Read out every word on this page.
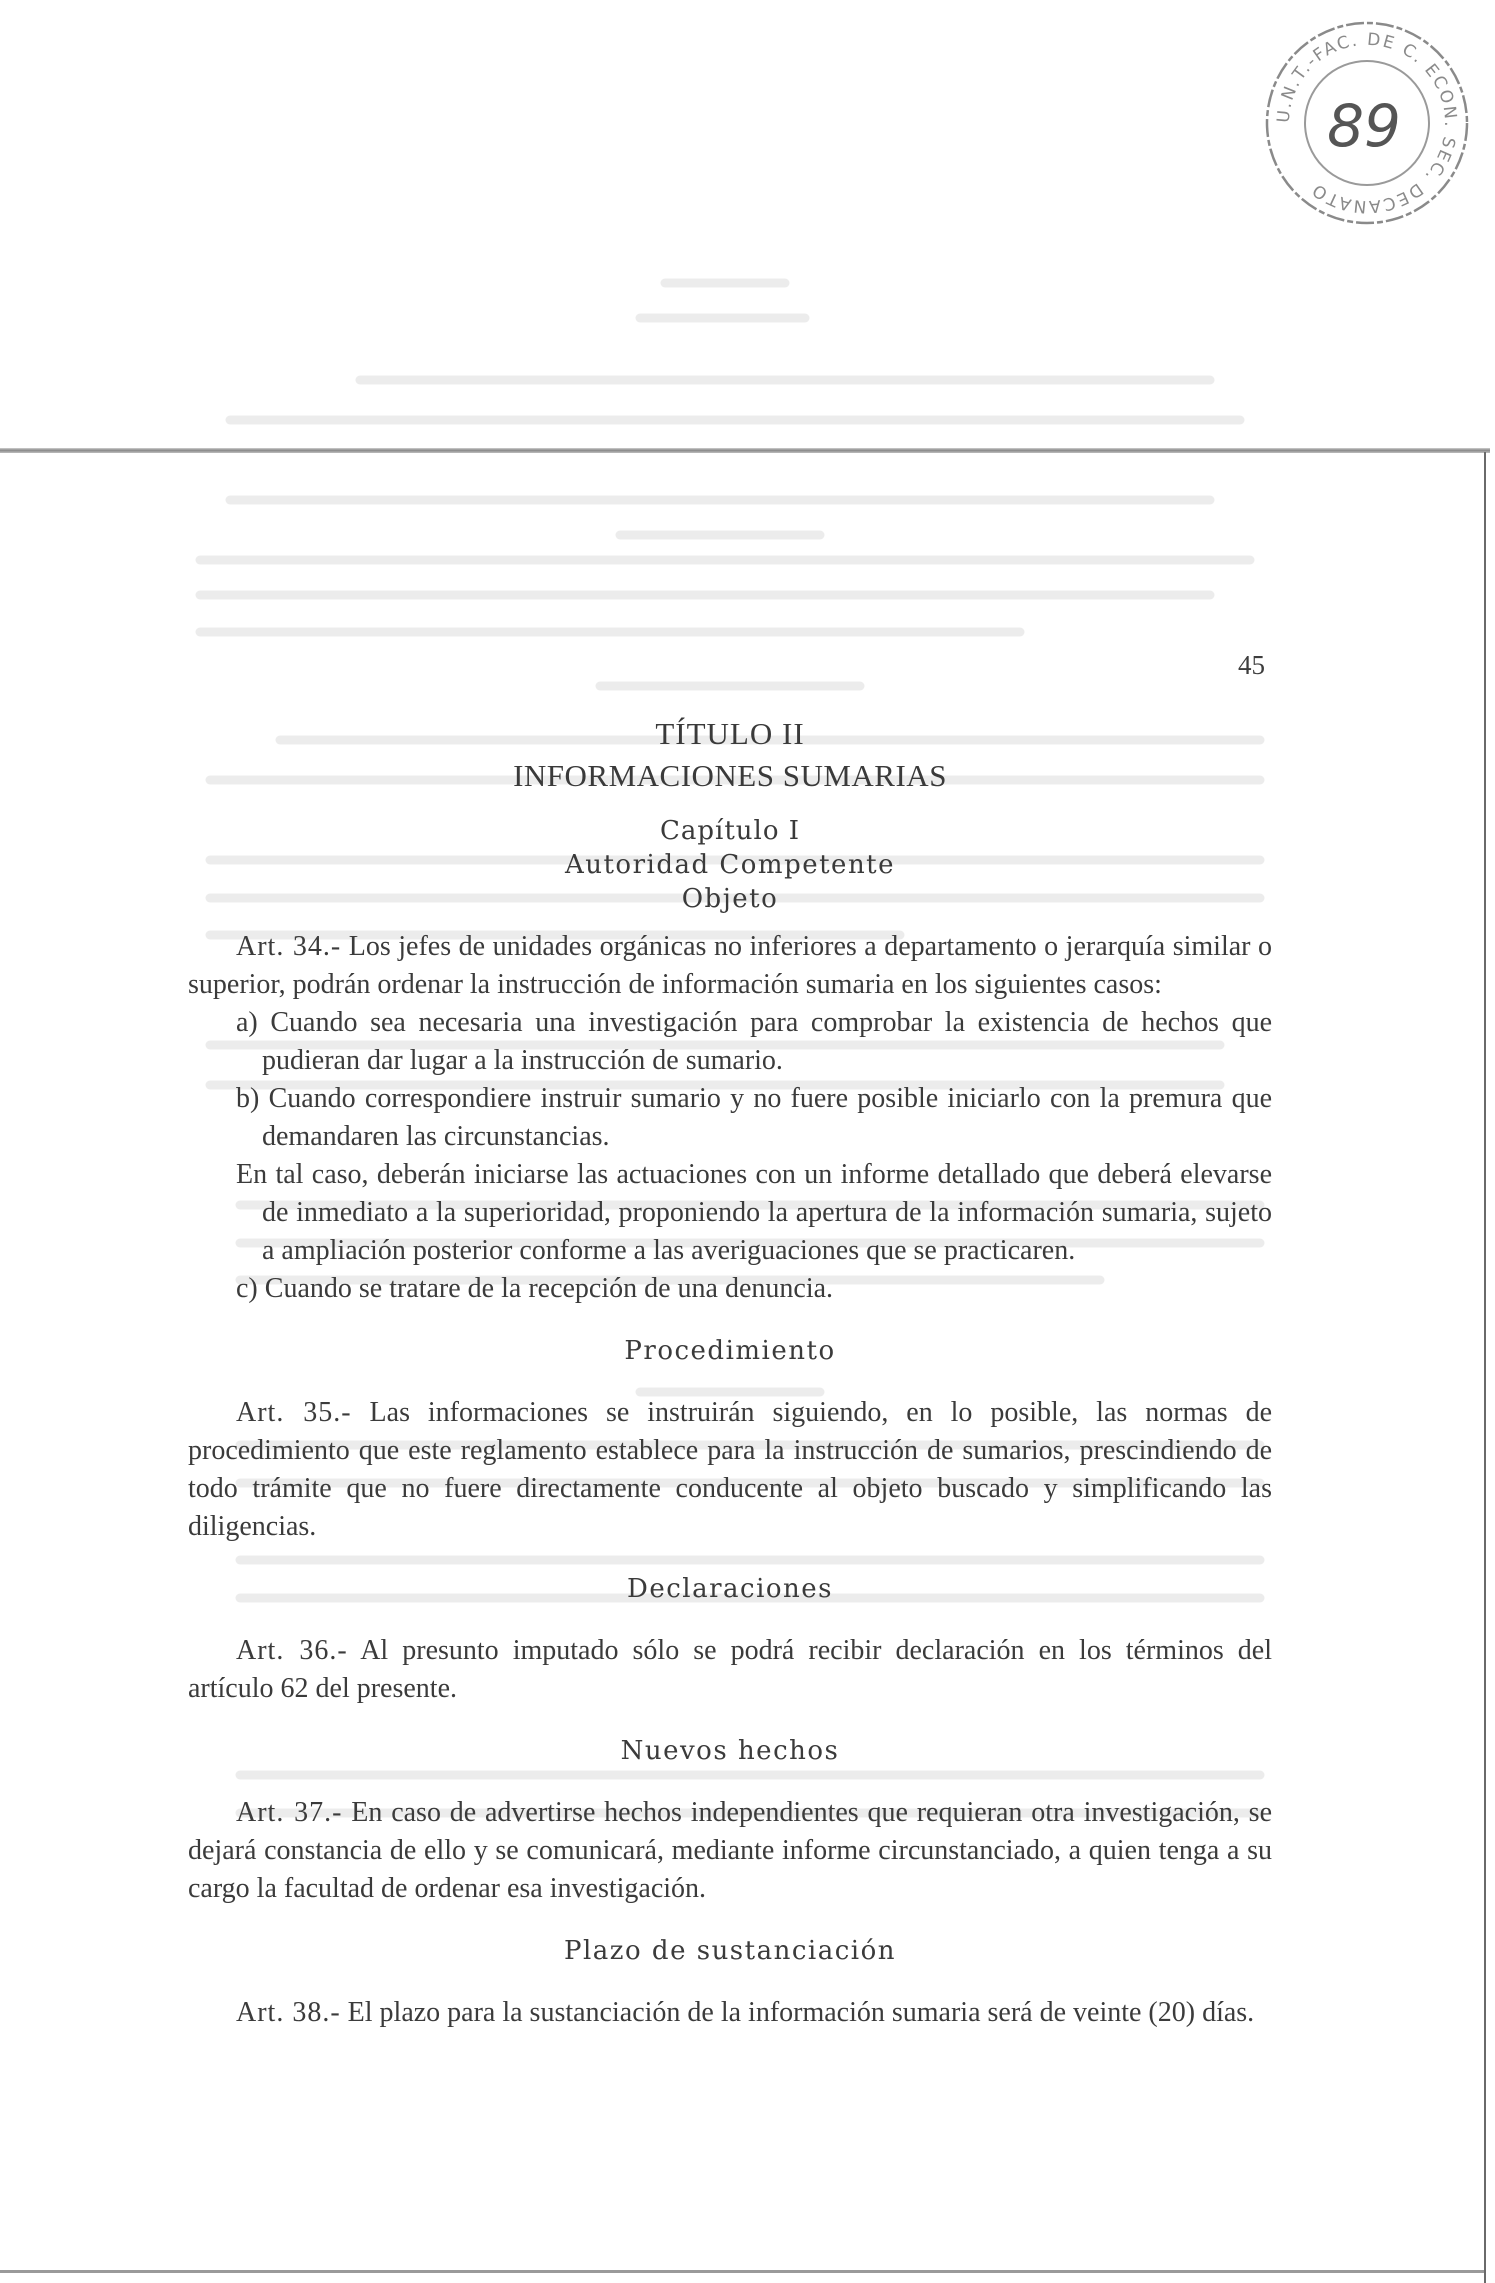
U.N.T.-FAC. DE C. ECON. SEC. DECANATO
89
45
TÍTULO II
INFORMACIONES SUMARIAS
Capítulo I
Autoridad Competente
Objeto

Art. 34.- Los jefes de unidades orgánicas no inferiores a departamento o jerarquía similar o superior, podrán ordenar la instrucción de información sumaria en los siguientes casos:

a) Cuando sea necesaria una investigación para comprobar la existencia de hechos que pudieran dar lugar a la instrucción de sumario.

b) Cuando correspondiere instruir sumario y no fuere posible iniciarlo con la premura que demandaren las circunstancias.

En tal caso, deberán iniciarse las actuaciones con un informe detallado que deberá elevarse de inmediato a la superioridad, proponiendo la apertura de la información sumaria, sujeto a ampliación posterior conforme a las averiguaciones que se practicaren.

c) Cuando se tratare de la recepción de una denuncia.

Procedimiento

Art. 35.- Las informaciones se instruirán siguiendo, en lo posible, las normas de procedimiento que este reglamento establece para la instrucción de sumarios, prescindiendo de todo trámite que no fuere directamente conducente al objeto buscado y simplificando las diligencias.

Declaraciones

Art. 36.- Al presunto imputado sólo se podrá recibir declaración en los términos del artículo 62 del presente.

Nuevos hechos

Art. 37.- En caso de advertirse hechos independientes que requieran otra investigación, se dejará constancia de ello y se comunicará, mediante informe circunstanciado, a quien tenga a su cargo la facultad de ordenar esa investigación.

Plazo de sustanciación

Art. 38.- El plazo para la sustanciación de la información sumaria será de veinte (20) días.
